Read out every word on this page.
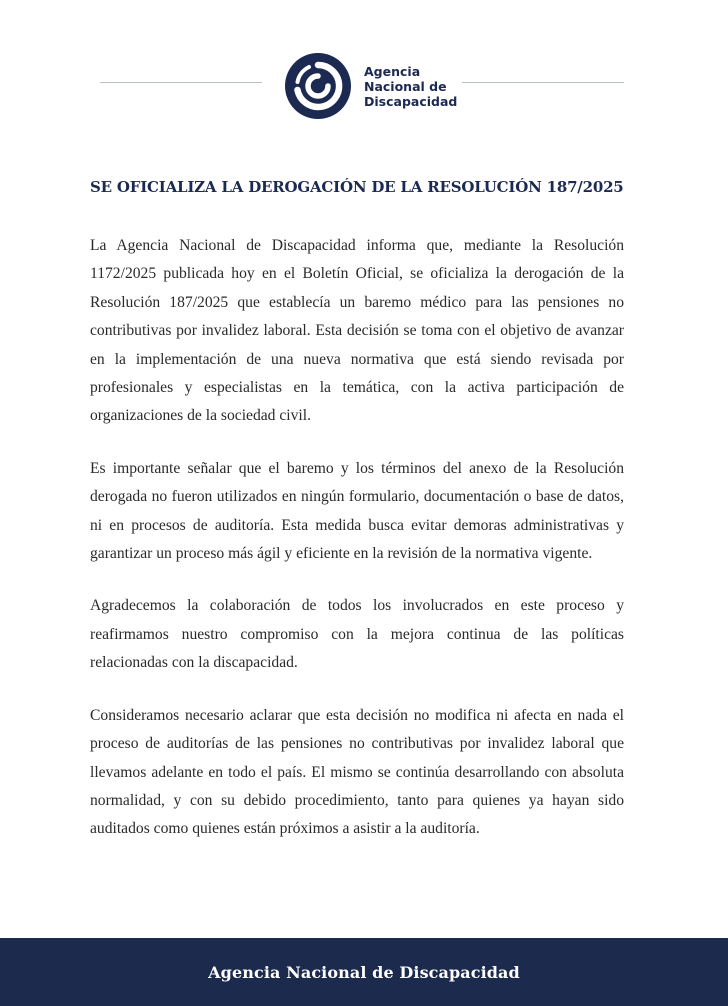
Agencia
Nacional de
Discapacidad
SE OFICIALIZA LA DEROGACIÓN DE LA RESOLUCIÓN 187/2025

La Agencia Nacional de Discapacidad informa que, mediante la Resolución 1172/2025 publicada hoy en el Boletín Oficial, se oficializa la derogación de la Resolución 187/2025 que establecía un baremo médico para las pensiones no contributivas por invalidez laboral. Esta decisión se toma con el objetivo de avanzar en la implementación de una nueva normativa que está siendo revisada por profesionales y especialistas en la temática, con la activa participación de organizaciones de la sociedad civil.

Es importante señalar que el baremo y los términos del anexo de la Resolución derogada no fueron utilizados en ningún formulario, documentación o base de datos, ni en procesos de auditoría. Esta medida busca evitar demoras administrativas y garantizar un proceso más ágil y eficiente en la revisión de la normativa vigente.

Agradecemos la colaboración de todos los involucrados en este proceso y reafirmamos nuestro compromiso con la mejora continua de las políticas relacionadas con la discapacidad.

Consideramos necesario aclarar que esta decisión no modifica ni afecta en nada el proceso de auditorías de las pensiones no contributivas por invalidez laboral que llevamos adelante en todo el país. El mismo se continúa desarrollando con absoluta normalidad, y con su debido procedimiento, tanto para quienes ya hayan sido auditados como quienes están próximos a asistir a la auditoría.

Agencia Nacional de Discapacidad
